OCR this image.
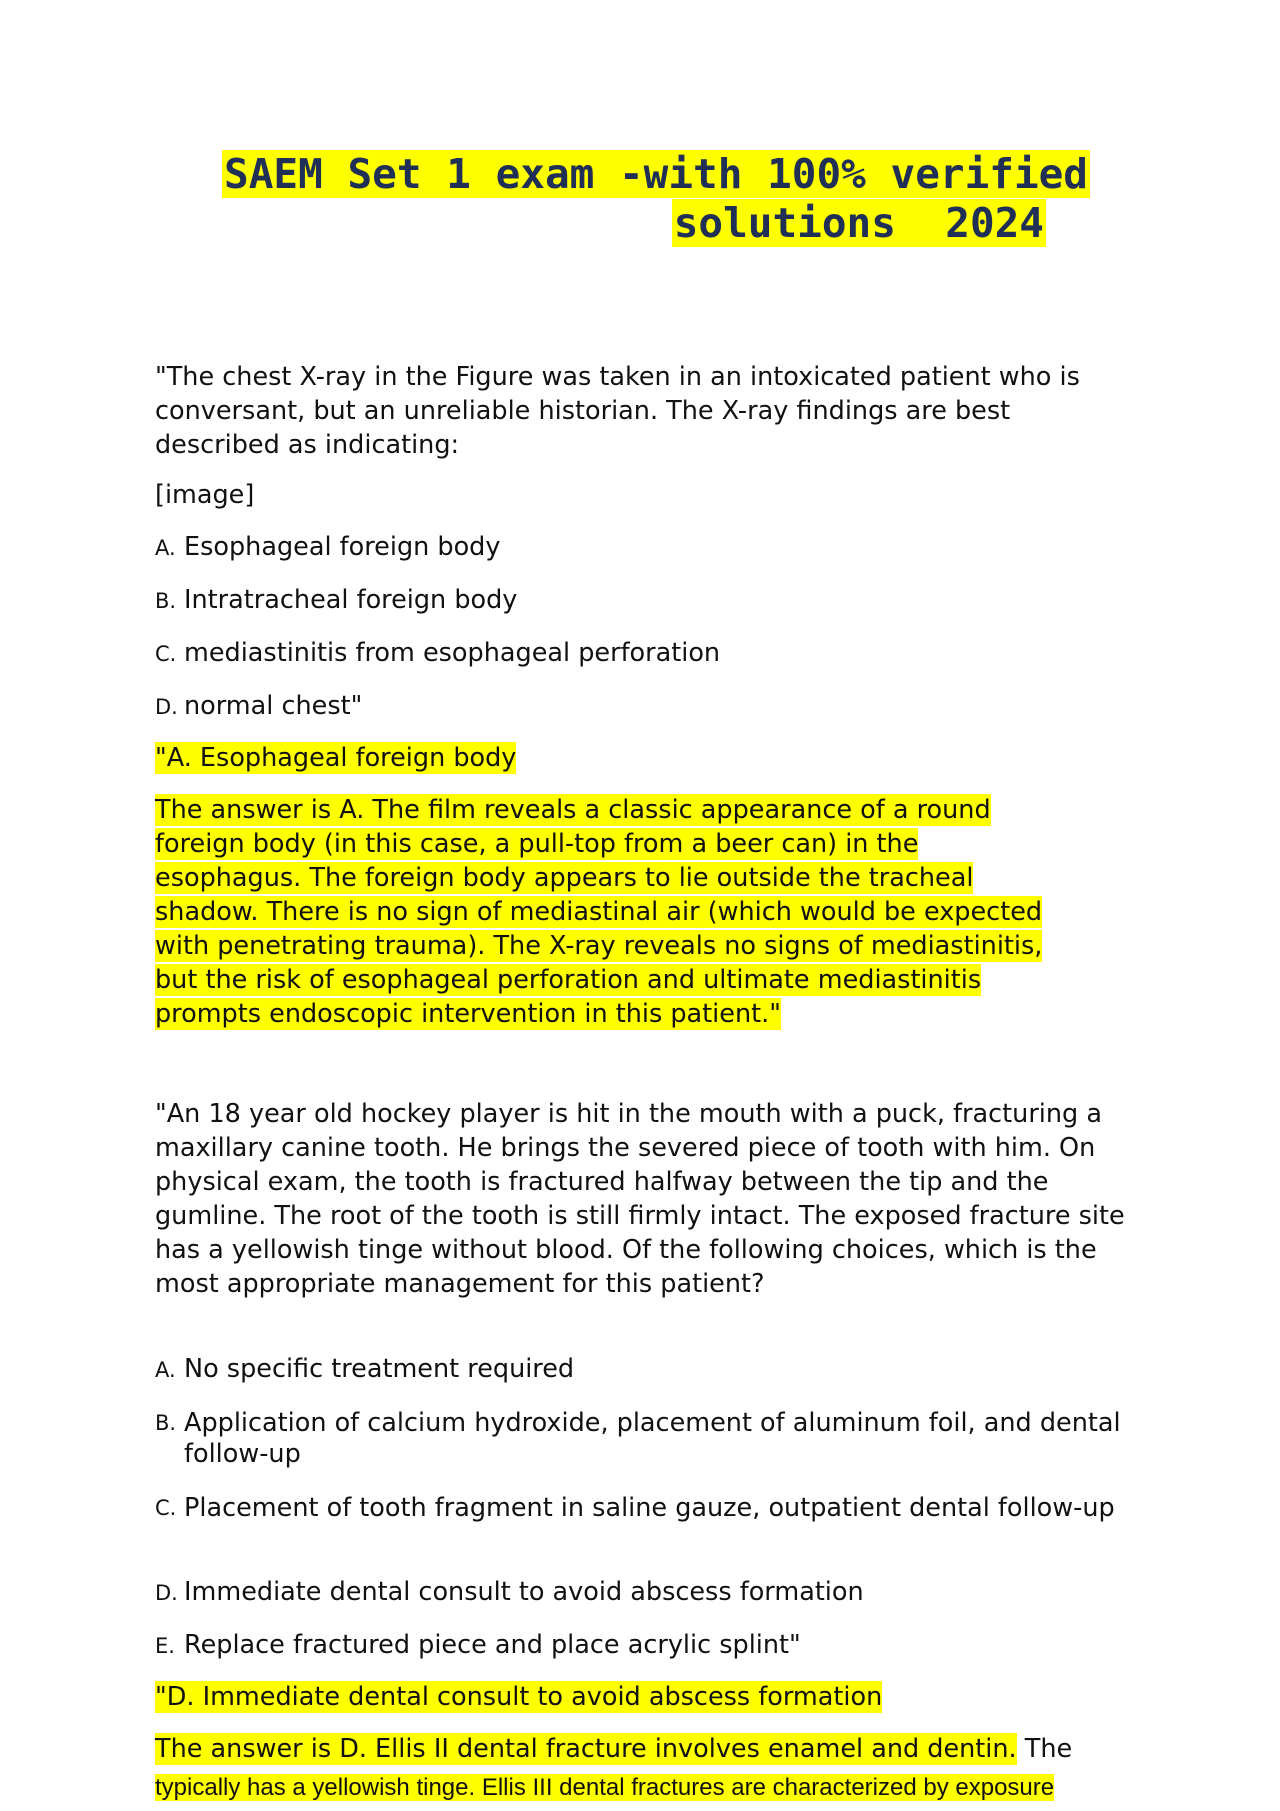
SAEM Set 1 exam -with 100% verified
solutions  2024

"The chest X-ray in the Figure was taken in an intoxicated patient who is conversant, but an unreliable historian. The X-ray findings are best described as indicating:

[image]

A. Esophageal foreign body
B. Intratracheal foreign body
C. mediastinitis from esophageal perforation
D. normal chest"
"A. Esophageal foreign body
The answer is A. The film reveals a classic appearance of a round
foreign body (in this case, a pull-top from a beer can) in the
esophagus. The foreign body appears to lie outside the tracheal
shadow. There is no sign of mediastinal air (which would be expected
with penetrating trauma). The X-ray reveals no signs of mediastinitis,
but the risk of esophageal perforation and ultimate mediastinitis
prompts endoscopic intervention in this patient."

"An 18 year old hockey player is hit in the mouth with a puck, fracturing a maxillary canine tooth. He brings the severed piece of tooth with him. On physical exam, the tooth is fractured halfway between the tip and the gumline. The root of the tooth is still firmly intact. The exposed fracture site has a yellowish tinge without blood. Of the following choices, which is the most appropriate management for this patient?

A. No specific treatment required
B. Application of calcium hydroxide, placement of aluminum foil, and dental follow-up
C. Placement of tooth fragment in saline gauze, outpatient dental follow-up
D. Immediate dental consult to avoid abscess formation
E. Replace fractured piece and place acrylic splint"
"D. Immediate dental consult to avoid abscess formation
The answer is D. Ellis II dental fracture involves enamel and dentin. The
typically has a yellowish tinge. Ellis III dental fractures are characterized by exposure
